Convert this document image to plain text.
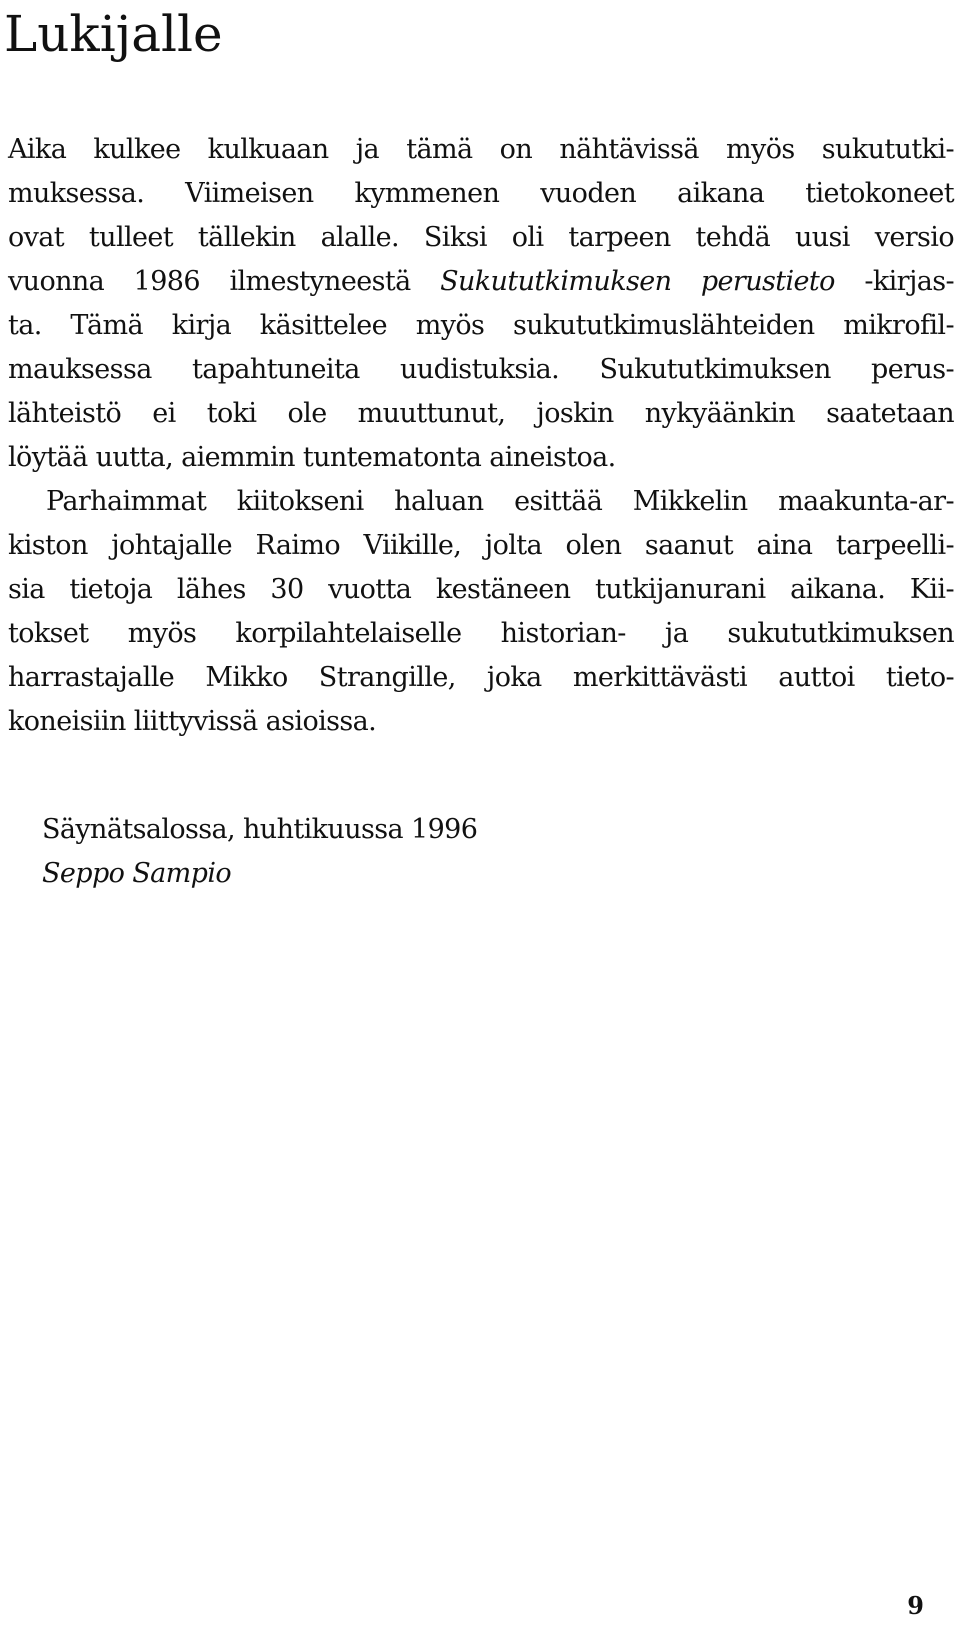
Lukijalle
Aika kulkee kulkuaan ja tämä on nähtävissä myös sukututki-
muksessa. Viimeisen kymmenen vuoden aikana tietokoneet
ovat tulleet tällekin alalle. Siksi oli tarpeen tehdä uusi versio
vuonna 1986 ilmestyneestä Sukututkimuksen perustieto -kirjas-
ta. Tämä kirja käsittelee myös sukututkimuslähteiden mikrofil-
mauksessa tapahtuneita uudistuksia. Sukututkimuksen perus-
lähteistö ei toki ole muuttunut, joskin nykyäänkin saatetaan
löytää uutta, aiemmin tuntematonta aineistoa.
Parhaimmat kiitokseni haluan esittää Mikkelin maakunta-ar-
kiston johtajalle Raimo Viikille, jolta olen saanut aina tarpeelli-
sia tietoja lähes 30 vuotta kestäneen tutkijanurani aikana. Kii-
tokset myös korpilahtelaiselle historian- ja sukututkimuksen
harrastajalle Mikko Strangille, joka merkittävästi auttoi tieto-
koneisiin liittyvissä asioissa.
Säynätsalossa, huhtikuussa 1996
Seppo Sampio
9
